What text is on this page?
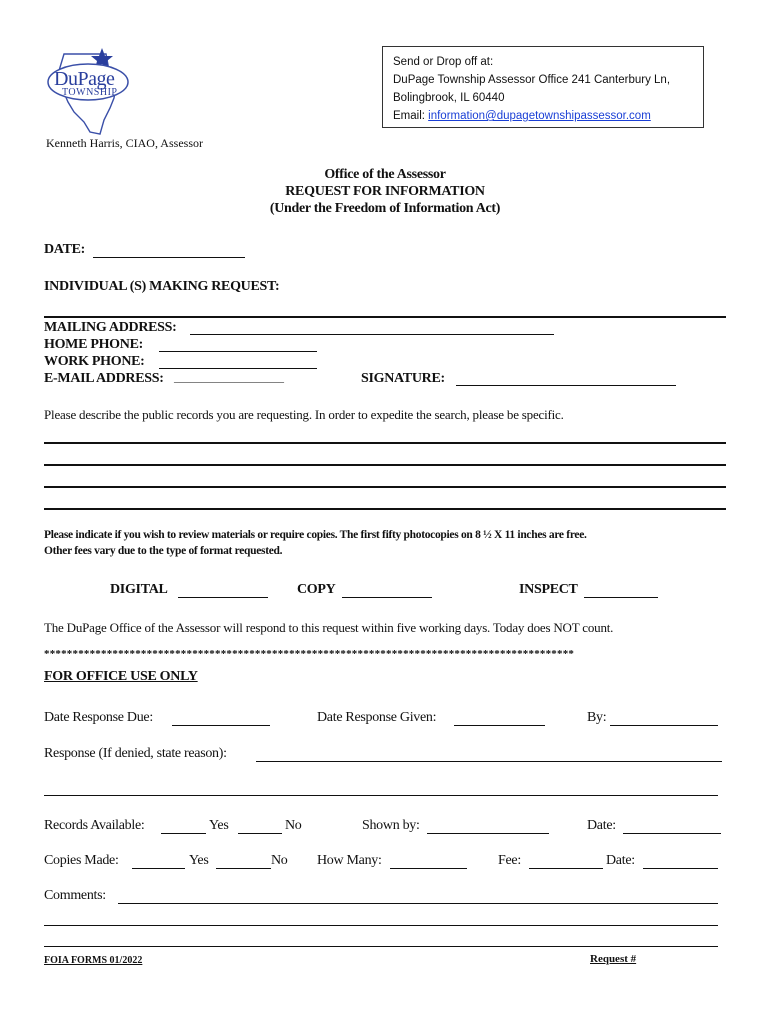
DuPage
TOWNSHIP
Kenneth Harris, CIAO, Assessor
Send or Drop off at:
DuPage Township Assessor Office 241 Canterbury Ln,
Bolingbrook, IL 60440
Email: information@dupagetownshipassessor.com
Office of the Assessor
REQUEST FOR INFORMATION
(Under the Freedom of Information Act)
DATE:
INDIVIDUAL (S) MAKING REQUEST:
MAILING ADDRESS:
HOME PHONE:
WORK PHONE:
E-MAIL ADDRESS: ____________________	SIGNATURE:
Please describe the public records you are requesting. In order to expedite the search, please be specific.
Please indicate if you wish to review materials or require copies. The first fifty photocopies on 8 ½ X 11 inches are free.
Other fees vary due to the type of format requested.
DIGITAL	COPY	INSPECT
The DuPage Office of the Assessor will respond to this request within five working days. Today does NOT count.
*********************************************************************************************
FOR OFFICE USE ONLY
Date Response Due:	Date Response Given:	By:
Response (If denied, state reason):
Records Available:	Yes	No	Shown by:	Date:
Copies Made:	Yes	No How Many:	Fee:	Date:
Comments:
FOIA FORMS 01/2022	Request #
